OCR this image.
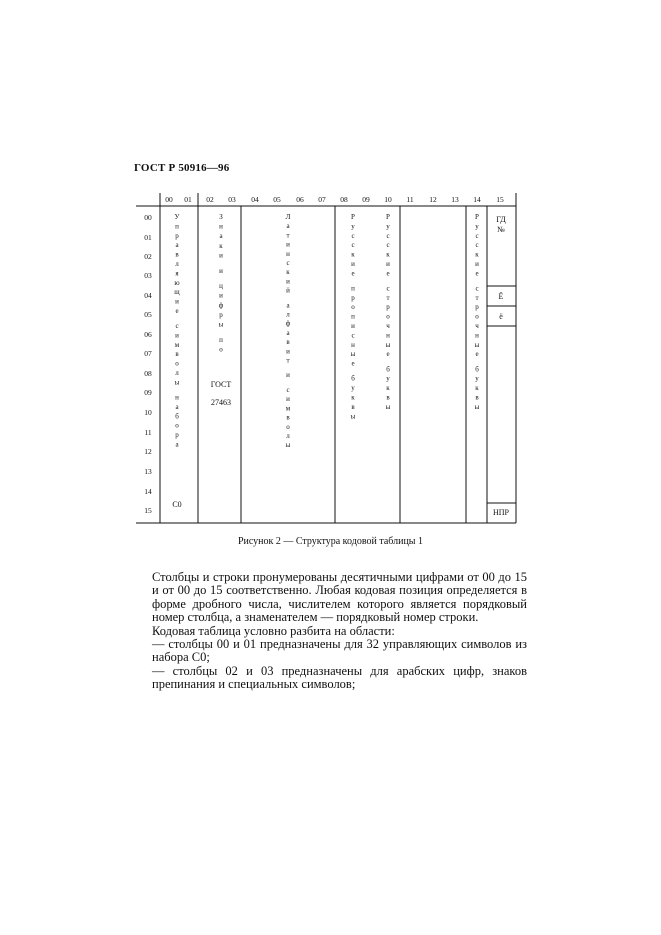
ГОСТ Р 50916—96
00 01 02 03 04 05 06 07 08 09 10 11 12 13 14 15
00
01
02
03
04
05
06
07
08
09
10
11
12
13
14
15
У
п
р
а
в
л
я
ю
щ
и
е
с
и
м
в
о
л
ы
н
а
б
о
р
а
З
н
а
к
и
и
ц
и
ф
р
ы
п
о
Л
а
т
и
н
с
к
и
й
а
л
ф
а
в
и
т
и
с
и
м
в
о
л
ы
Р
у
с
с
к
и
е
п
р
о
п
и
с
н
ы
е
б
у
к
в
ы
Р
у
с
с
к
и
е
с
т
р
о
ч
н
ы
е
б
у
к
в
ы
Р
у
с
с
к
и
е
с
т
р
о
ч
н
ы
е
б
у
к
в
ы
ГОСТ
27463
С0
ГД
№
Ё
ё
НПР
Рисунок 2 — Структура кодовой таблицы 1

Столбцы и строки пронумерованы десятичными цифрами от 00 до 15 и от 00 до 15 соответственно. Любая кодовая позиция определяется в форме дробного числа, числителем которого является порядковый номер столбца, а знаменателем — порядковый номер строки.

Кодовая таблица условно разбита на области:

— столбцы 00 и 01 предназначены для 32 управляющих символов из набора С0;

— столбцы 02 и 03 предназначены для арабских цифр, знаков препинания и специальных символов;
